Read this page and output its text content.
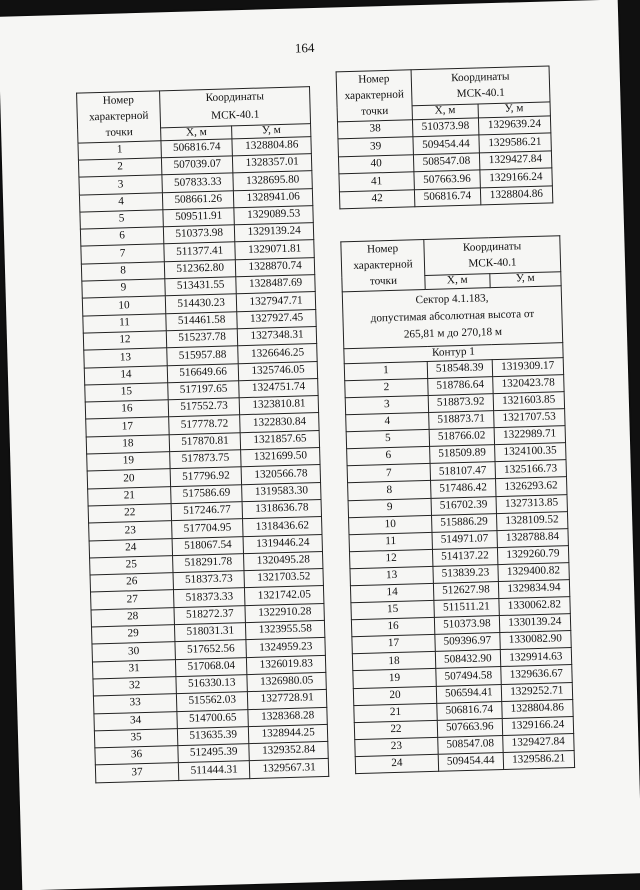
164
Номер
характерной
точки	Координаты
МСК-40.1	
	X, м	У, м
1	506816.74	1328804.86
2	507039.07	1328357.01
3	507833.33	1328695.80
4	508661.26	1328941.06
5	509511.91	1329089.53
6	510373.98	1329139.24
7	511377.41	1329071.81
8	512362.80	1328870.74
9	513431.55	1328487.69
10	514430.23	1327947.71
11	514461.58	1327927.45
12	515237.78	1327348.31
13	515957.88	1326646.25
14	516649.66	1325746.05
15	517197.65	1324751.74
16	517552.73	1323810.81
17	517778.72	1322830.84
18	517870.81	1321857.65
19	517873.75	1321699.50
20	517796.92	1320566.78
21	517586.69	1319583.30
22	517246.77	1318636.78
23	517704.95	1318436.62
24	518067.54	1319446.24
25	518291.78	1320495.28
26	518373.73	1321703.52
27	518373.33	1321742.05
28	518272.37	1322910.28
29	518031.31	1323955.58
30	517652.56	1324959.23
31	517068.04	1326019.83
32	516330.13	1326980.05
33	515562.03	1327728.91
34	514700.65	1328368.28
35	513635.39	1328944.25
36	512495.39	1329352.84
37	511444.31	1329567.31
Номер
характерной
точки	Координаты
МСК-40.1	
	X, м	У, м
38	510373.98	1329639.24
39	509454.44	1329586.21
40	508547.08	1329427.84
41	507663.96	1329166.24
42	506816.74	1328804.86
Номер
характерной
точки	Координаты
МСК-40.1	
	X, м	У, м
Сектор 4.1.183,
допустимая абсолютная высота от
265,81 м до 270,18 м		
Контур 1		
1	518548.39	1319309.17
2	518786.64	1320423.78
3	518873.92	1321603.85
4	518873.71	1321707.53
5	518766.02	1322989.71
6	518509.89	1324100.35
7	518107.47	1325166.73
8	517486.42	1326293.62
9	516702.39	1327313.85
10	515886.29	1328109.52
11	514971.07	1328788.84
12	514137.22	1329260.79
13	513839.23	1329400.82
14	512627.98	1329834.94
15	511511.21	1330062.82
16	510373.98	1330139.24
17	509396.97	1330082.90
18	508432.90	1329914.63
19	507494.58	1329636.67
20	506594.41	1329252.71
21	506816.74	1328804.86
22	507663.96	1329166.24
23	508547.08	1329427.84
24	509454.44	1329586.21
